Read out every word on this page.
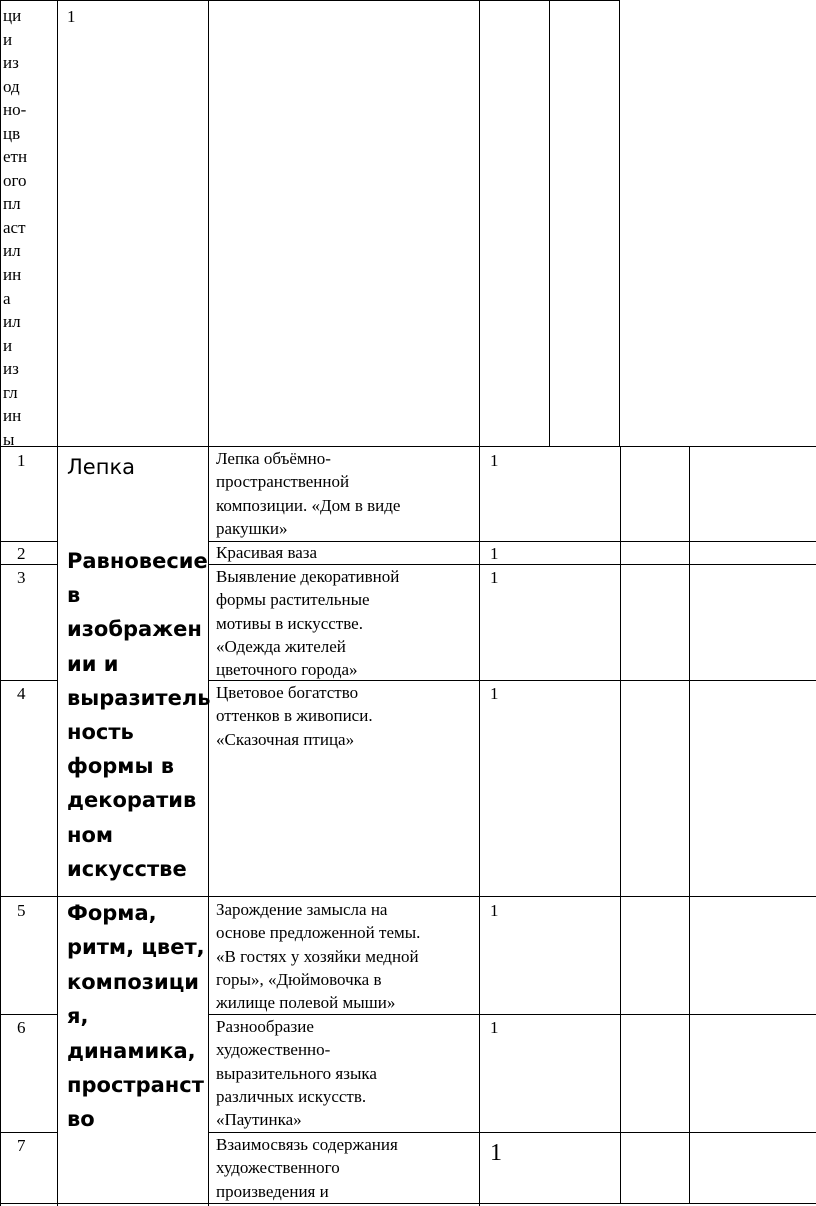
ци
и
из
од
но-
цв
етн
ого
пл
аст
ил
ин
а
ил
и
из
гл
ин
ы
1
1
2
3
4
5
6
7
Лепка
Равновесие
в
изображен
ии и
выразитель
ность
формы в
декоратив
ном
искусстве
Форма,
ритм, цвет,
композици
я,
динамика,
пространст
во
Лепка объёмно-
пространственной
композиции. «Дом в виде
ракушки»
Красивая ваза
Выявление декоративной
формы растительные
мотивы в искусстве.
«Одежда жителей
цветочного города»
Цветовое богатство
оттенков в живописи.
«Сказочная птица»
Зарождение замысла на
основе предложенной темы.
«В гостях у хозяйки медной
горы», «Дюймовочка в
жилище полевой мыши»
Разнообразие
художественно-
выразительного языка
различных искусств.
«Паутинка»
Взаимосвязь содержания
художественного
произведения и
1
1
1
1
1
1
1
